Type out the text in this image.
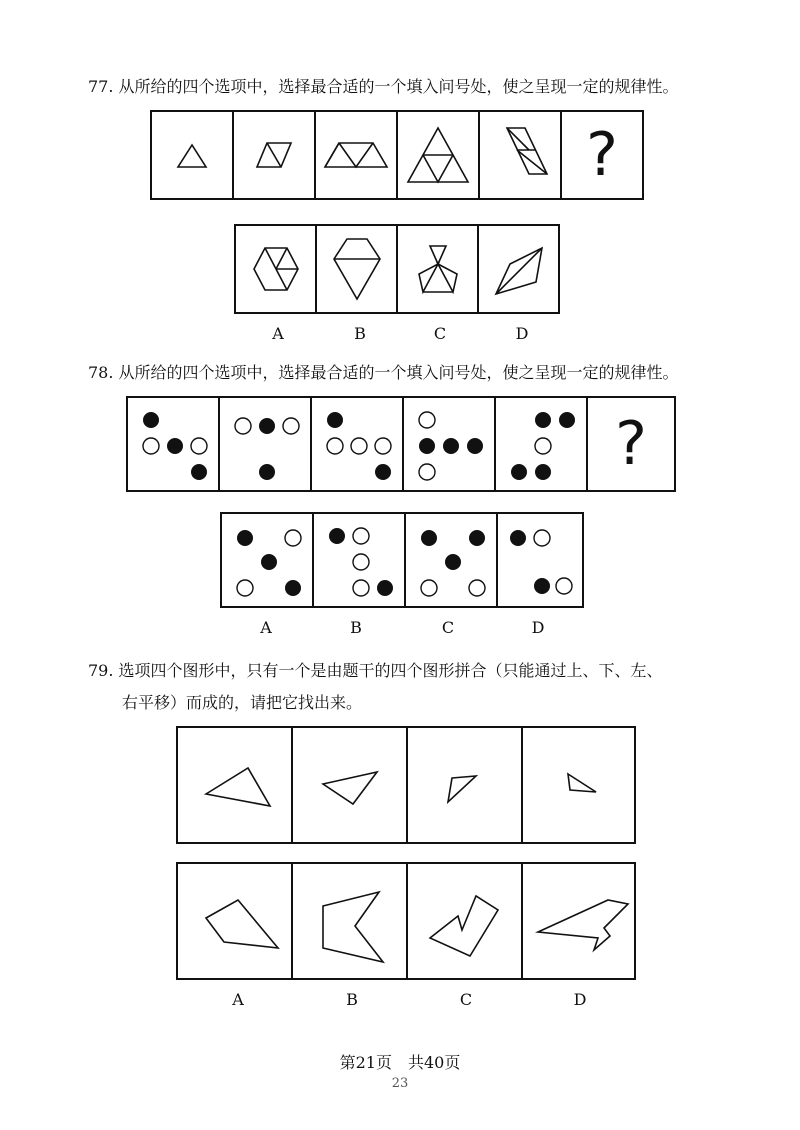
77. 从所给的四个选项中，选择最合适的一个填入问号处，使之呈现一定的规律性。
?
A	B	C	D
78. 从所给的四个选项中，选择最合适的一个填入问号处，使之呈现一定的规律性。
?
A	B	C	D
79. 选项四个图形中，只有一个是由题干的四个图形拼合（只能通过上、下、左、
右平移）而成的，请把它找出来。
A	B	C	D
第21页　共40页
23
